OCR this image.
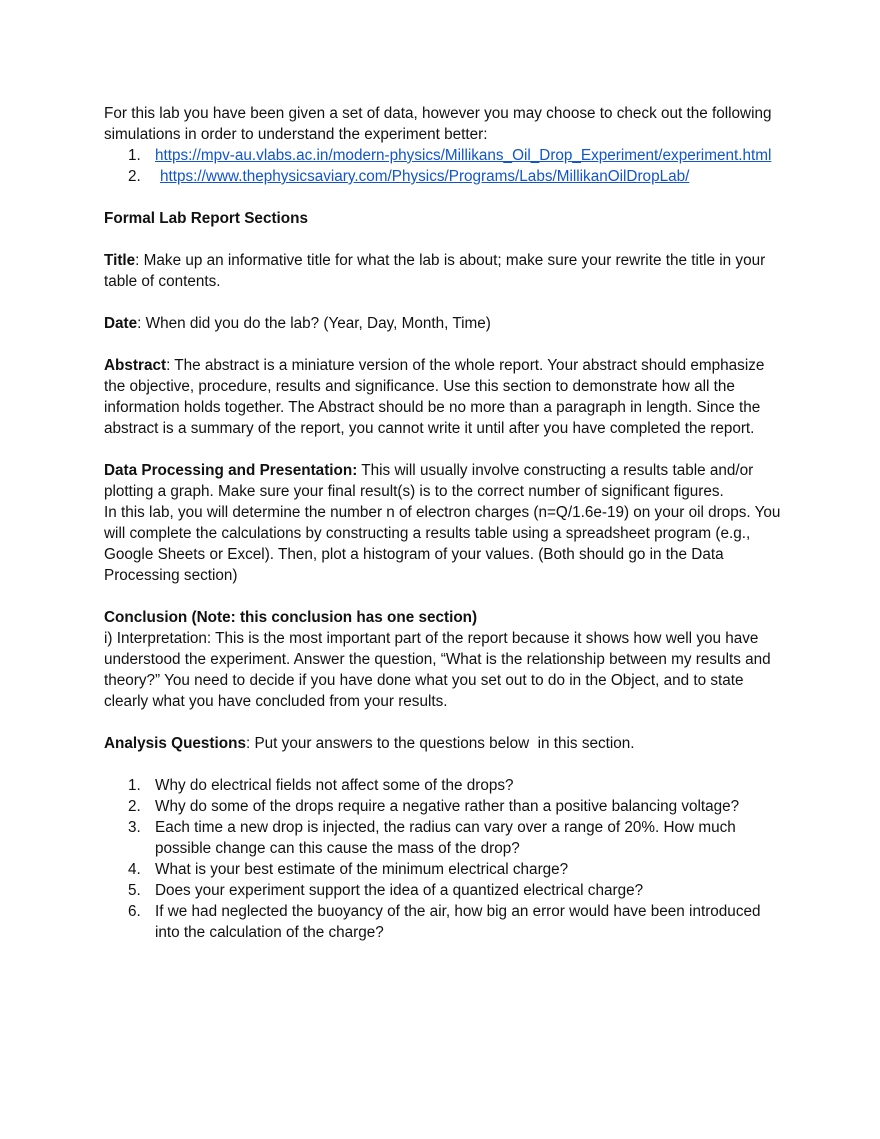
For this lab you have been given a set of data, however you may choose to check out the following simulations in order to understand the experiment better:

1. https://mpv-au.vlabs.ac.in/modern-physics/Millikans_Oil_Drop_Experiment/experiment.html
2. https://www.thephysicsaviary.com/Physics/Programs/Labs/MillikanOilDropLab/

Formal Lab Report Sections

Title: Make up an informative title for what the lab is about; make sure your rewrite the title in your table of contents.

Date: When did you do the lab? (Year, Day, Month, Time)

Abstract: The abstract is a miniature version of the whole report. Your abstract should emphasize the objective, procedure, results and significance. Use this section to demonstrate how all the information holds together. The Abstract should be no more than a paragraph in length. Since the abstract is a summary of the report, you cannot write it until after you have completed the report.

Data Processing and Presentation: This will usually involve constructing a results table and/or plotting a graph. Make sure your final result(s) is to the correct number of significant figures.

In this lab, you will determine the number n of electron charges (n=Q/1.6e-19) on your oil drops. You will complete the calculations by constructing a results table using a spreadsheet program (e.g., Google Sheets or Excel). Then, plot a histogram of your values. (Both should go in the Data Processing section)

Conclusion (Note: this conclusion has one section)

i) Interpretation: This is the most important part of the report because it shows how well you have understood the experiment. Answer the question, “What is the relationship between my results and theory?” You need to decide if you have done what you set out to do in the Object, and to state clearly what you have concluded from your results.

Analysis Questions: Put your answers to the questions below  in this section.

1. Why do electrical fields not affect some of the drops?
2. Why do some of the drops require a negative rather than a positive balancing voltage?
3. Each time a new drop is injected, the radius can vary over a range of 20%. How much possible change can this cause the mass of the drop?
4. What is your best estimate of the minimum electrical charge?
5. Does your experiment support the idea of a quantized electrical charge?
6. If we had neglected the buoyancy of the air, how big an error would have been introduced into the calculation of the charge?
